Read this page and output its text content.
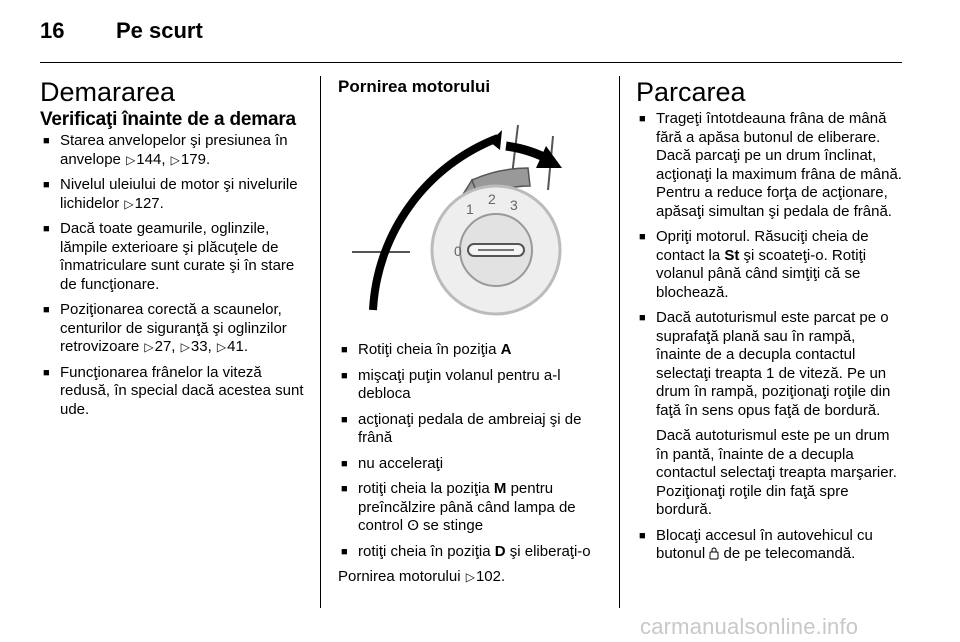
16 Pe scurt
Demararea
Verificaţi înainte de a demara
■ Starea anvelopelor şi presiunea în anvelope ▷144, ▷179.
■ Nivelul uleiului de motor şi nivelurile lichidelor ▷127.
■ Dacă toate geamurile, oglinzile, lămpile exterioare şi plăcuţele de înmatriculare sunt curate şi în stare de funcţionare.
■ Poziţionarea corectă a scaunelor, centurilor de siguranţă şi oglinzilor retrovizoare ▷27, ▷33, ▷41.
■ Funcţionarea frânelor la viteză redusă, în special dacă acestea sunt ude.
Pornirea motorului
0
1
2 3
■ Rotiţi cheia în poziţia A
■ mişcaţi puţin volanul pentru a-l debloca
■ acţionaţi pedala de ambreiaj şi de frână
■ nu acceleraţi
■ rotiţi cheia la poziţia M pentru preîncălzire până când lampa de control ʘ se stinge
■ rotiţi cheia în poziţia D şi eliberaţi-o
Pornirea motorului ▷102.
Parcarea
■ Trageţi întotdeauna frâna de mână fără a apăsa butonul de eliberare. Dacă parcaţi pe un drum înclinat, acţionaţi la maximum frâna de mână. Pentru a reduce forţa de acţionare, apăsaţi simultan şi pedala de frână.
■ Opriţi motorul. Răsuciţi cheia de contact la St şi scoateţi-o. Rotiţi volanul până când simţiţi că se blochează.
■ Dacă autoturismul este parcat pe o suprafaţă plană sau în rampă, înainte de a decupla contactul selectaţi treapta 1 de viteză. Pe un drum în rampă, poziţionaţi roţile din faţă în sens opus faţă de bordură.
Dacă autoturismul este pe un drum în pantă, înainte de a decupla contactul selectaţi treapta marşarier. Poziţionaţi roţile din faţă spre bordură.
■ Blocaţi accesul în autovehicul cu butonul  de pe telecomandă.
carmanualsonline.info
